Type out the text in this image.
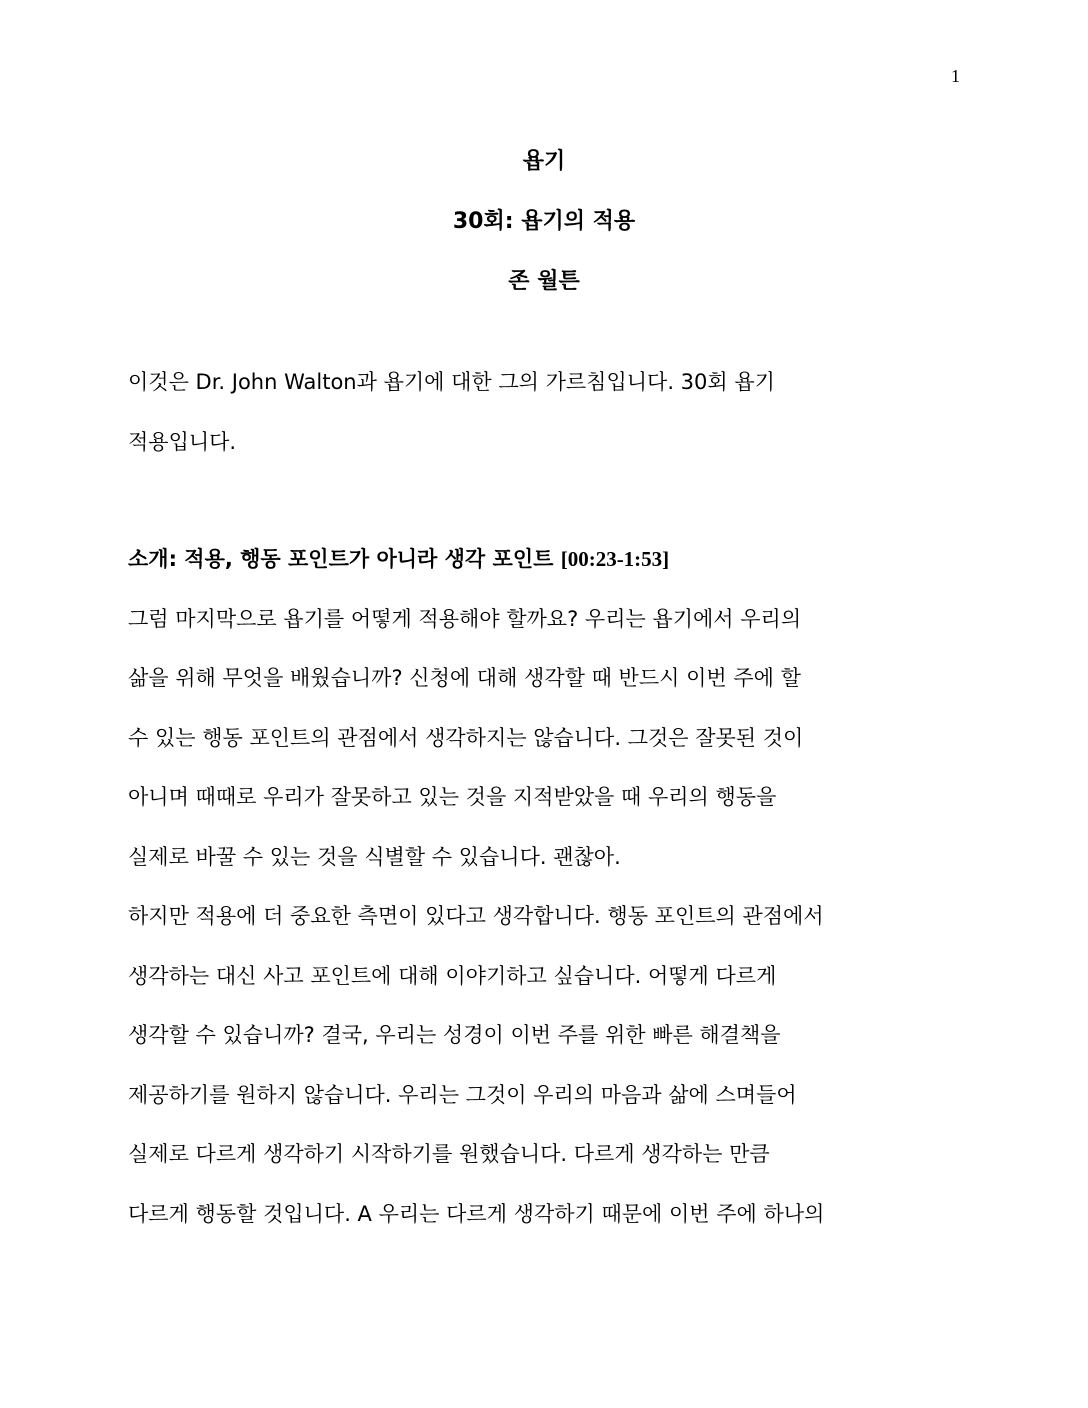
1
욥기
30회: 욥기의 적용
존 월튼
이것은 Dr. John Walton과 욥기에 대한 그의 가르침입니다. 30회 욥기
적용입니다.
소개: 적용, 행동 포인트가 아니라 생각 포인트 [00:23-1:53]
그럼 마지막으로 욥기를 어떻게 적용해야 할까요? 우리는 욥기에서 우리의
삶을 위해 무엇을 배웠습니까? 신청에 대해 생각할 때 반드시 이번 주에 할
수 있는 행동 포인트의 관점에서 생각하지는 않습니다. 그것은 잘못된 것이
아니며 때때로 우리가 잘못하고 있는 것을 지적받았을 때 우리의 행동을
실제로 바꿀 수 있는 것을 식별할 수 있습니다. 괜찮아.
하지만 적용에 더 중요한 측면이 있다고 생각합니다. 행동 포인트의 관점에서
생각하는 대신 사고 포인트에 대해 이야기하고 싶습니다. 어떻게 다르게
생각할 수 있습니까? 결국, 우리는 성경이 이번 주를 위한 빠른 해결책을
제공하기를 원하지 않습니다. 우리는 그것이 우리의 마음과 삶에 스며들어
실제로 다르게 생각하기 시작하기를 원했습니다. 다르게 생각하는 만큼
다르게 행동할 것입니다. A 우리는 다르게 생각하기 때문에 이번 주에 하나의
